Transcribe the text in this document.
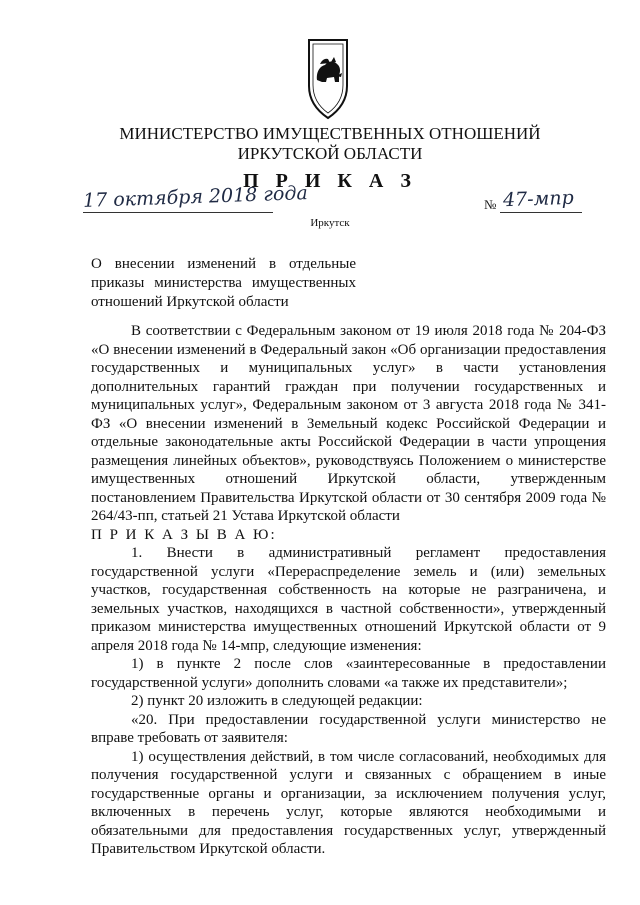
МИНИСТЕРСТВО ИМУЩЕСТВЕННЫХ ОТНОШЕНИЙ
ИРКУТСКОЙ ОБЛАСТИ
П Р И К А З
17 октября 2018 года	№ 47-мпр
Иркутск
О внесении изменений в отдельные приказы министерства имущественных отношений Иркутской области

В соответствии с Федеральным законом от 19 июля 2018 года № 204-ФЗ «О внесении изменений в Федеральный закон «Об организации предоставления государственных и муниципальных услуг» в части установления дополнительных гарантий граждан при получении государственных и муниципальных услуг», Федеральным законом от 3 августа 2018 года № 341-ФЗ «О внесении изменений в Земельный кодекс Российской Федерации и отдельные законодательные акты Российской Федерации в части упрощения размещения линейных объектов», руководствуясь Положением о министерстве имущественных отношений Иркутской области, утвержденным постановлением Правительства Иркутской области от 30 сентября 2009 года № 264/43-пп, статьей 21 Устава Иркутской области

П Р И К А З Ы В А Ю:

1. Внести в административный регламент предоставления государственной услуги «Перераспределение земель и (или) земельных участков, государственная собственность на которые не разграничена, и земельных участков, находящихся в частной собственности», утвержденный приказом министерства имущественных отношений Иркутской области от 9 апреля 2018 года № 14-мпр, следующие изменения:

1) в пункте 2 после слов «заинтересованные в предоставлении государственной услуги» дополнить словами «а также их представители»;

2) пункт 20 изложить в следующей редакции:

«20. При предоставлении государственной услуги министерство не вправе требовать от заявителя:

1) осуществления действий, в том числе согласований, необходимых для получения государственной услуги и связанных с обращением в иные государственные органы и организации, за исключением получения услуг, включенных в перечень услуг, которые являются необходимыми и обязательными для предоставления государственных услуг, утвержденный Правительством Иркутской области.
